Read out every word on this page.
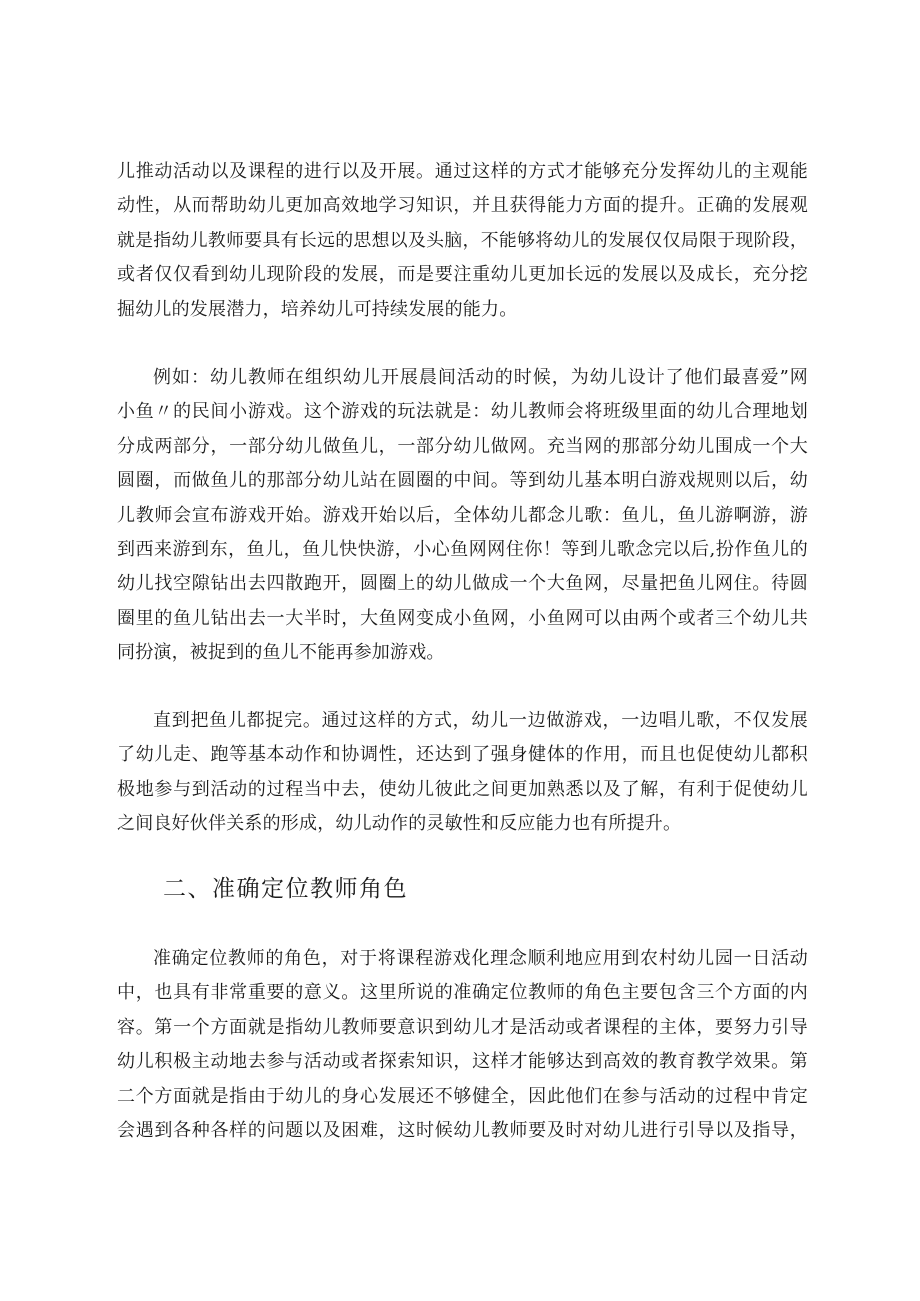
儿推动活动以及课程的进行以及开展。通过这样的方式才能够充分发挥幼儿的主观能
动性，从而帮助幼儿更加高效地学习知识，并且获得能力方面的提升。正确的发展观
就是指幼儿教师要具有长远的思想以及头脑，不能够将幼儿的发展仅仅局限于现阶段，
或者仅仅看到幼儿现阶段的发展，而是要注重幼儿更加长远的发展以及成长，充分挖
掘幼儿的发展潜力，培养幼儿可持续发展的能力。
例如：幼儿教师在组织幼儿开展晨间活动的时候，为幼儿设计了他们最喜爱”网
小鱼〃的民间小游戏。这个游戏的玩法就是：幼儿教师会将班级里面的幼儿合理地划
分成两部分，一部分幼儿做鱼儿，一部分幼儿做网。充当网的那部分幼儿围成一个大
圆圈，而做鱼儿的那部分幼儿站在圆圈的中间。等到幼儿基本明白游戏规则以后，幼
儿教师会宣布游戏开始。游戏开始以后，全体幼儿都念儿歌：鱼儿，鱼儿游啊游，游
到西来游到东，鱼儿，鱼儿快快游，小心鱼网网住你！等到儿歌念完以后,扮作鱼儿的
幼儿找空隙钻出去四散跑开，圆圈上的幼儿做成一个大鱼网，尽量把鱼儿网住。待圆
圈里的鱼儿钻出去一大半时，大鱼网变成小鱼网，小鱼网可以由两个或者三个幼儿共
同扮演，被捉到的鱼儿不能再参加游戏。
直到把鱼儿都捉完。通过这样的方式，幼儿一边做游戏，一边唱儿歌，不仅发展
了幼儿走、跑等基本动作和协调性，还达到了强身健体的作用，而且也促使幼儿都积
极地参与到活动的过程当中去，使幼儿彼此之间更加熟悉以及了解，有利于促使幼儿
之间良好伙伴关系的形成，幼儿动作的灵敏性和反应能力也有所提升。
二、准确定位教师角色
准确定位教师的角色，对于将课程游戏化理念顺利地应用到农村幼儿园一日活动
中，也具有非常重要的意义。这里所说的准确定位教师的角色主要包含三个方面的内
容。第一个方面就是指幼儿教师要意识到幼儿才是活动或者课程的主体，要努力引导
幼儿积极主动地去参与活动或者探索知识，这样才能够达到高效的教育教学效果。第
二个方面就是指由于幼儿的身心发展还不够健全，因此他们在参与活动的过程中肯定
会遇到各种各样的问题以及困难，这时候幼儿教师要及时对幼儿进行引导以及指导，
